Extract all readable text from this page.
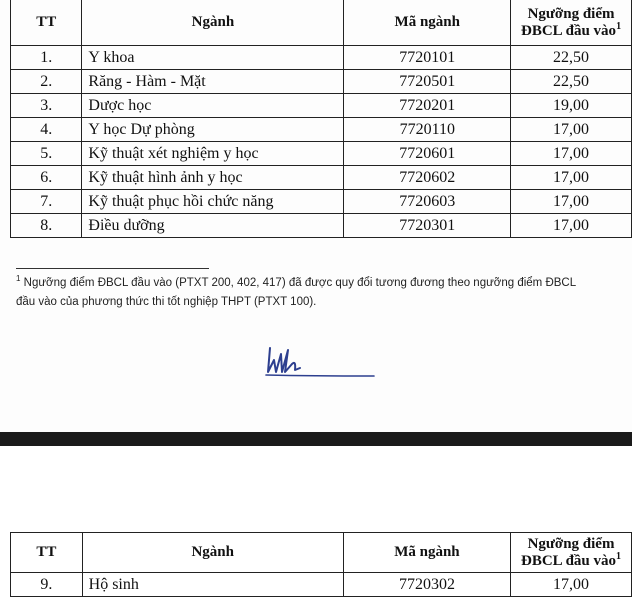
TT	Ngành	Mã ngành	Ngưỡng điểm
ĐBCL đầu vào$^1$

1.	Y khoa	7720101	22,50
2.	Răng - Hàm - Mặt	7720501	22,50
3.	Dược học	7720201	19,00
4.	Y học Dự phòng	7720110	17,00
5.	Kỹ thuật xét nghiệm y học	7720601	17,00
6.	Kỹ thuật hình ảnh y học	7720602	17,00
7.	Kỹ thuật phục hồi chức năng	7720603	17,00
8.	Điều dưỡng	7720301	17,00
$^1$ Ngưỡng điểm ĐBCL đầu vào (PTXT 200, 402, 417) đã được quy đổi tương đương theo ngưỡng điểm ĐBCL
đầu vào của phương thức thi tốt nghiệp THPT (PTXT 100).
TT	Ngành	Mã ngành	Ngưỡng điểm
ĐBCL đầu vào$^1$

9.	Hộ sinh	7720302	17,00
